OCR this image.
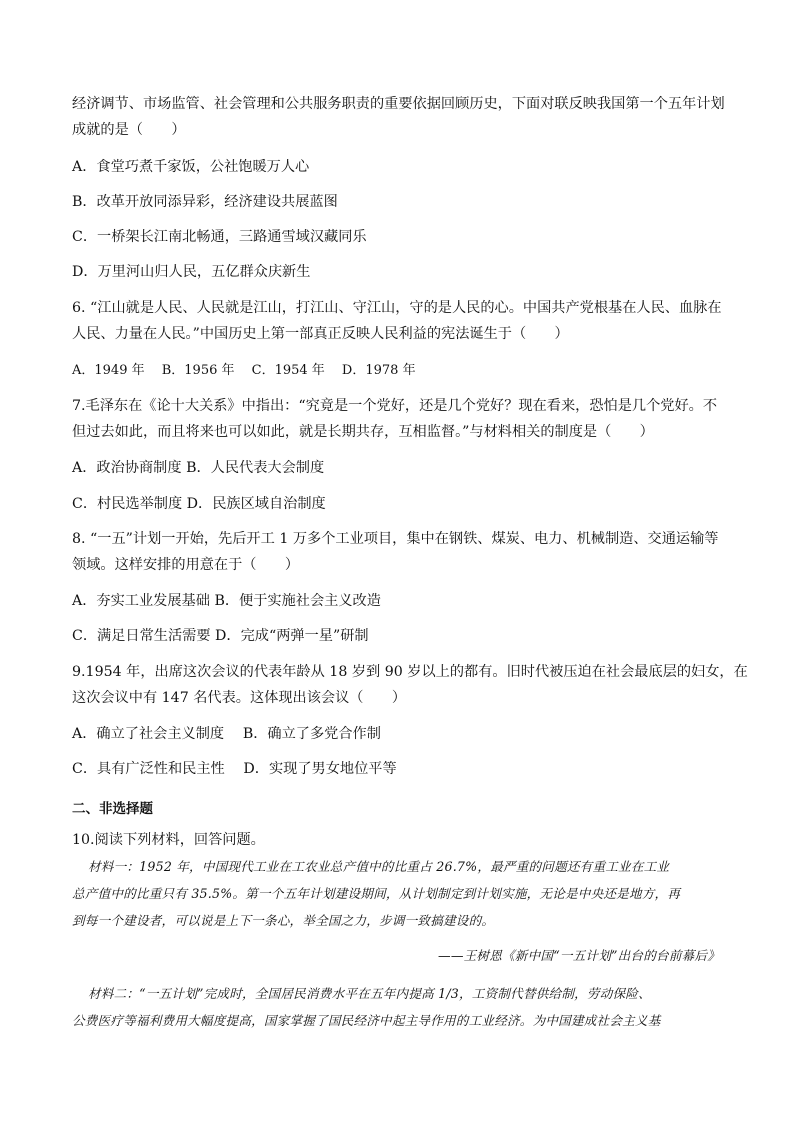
经济调节、市场监管、社会管理和公共服务职责的重要依据回顾历史，下面对联反映我国第一个五年计划
成就的是（　　）
A．食堂巧煮千家饭，公社饱暖万人心
B．改革开放同添异彩，经济建设共展蓝图
C．一桥架长江南北畅通，三路通雪域汉藏同乐
D．万里河山归人民，五亿群众庆新生
6. “江山就是人民、人民就是江山，打江山、守江山，守的是人民的心。中国共产党根基在人民、血脉在
人民、力量在人民。”中国历史上第一部真正反映人民利益的宪法诞生于（　　）
A．1949 年　 B．1956 年　 C．1954 年　 D．1978 年
7.毛泽东在《论十大关系》中指出：“究竟是一个党好，还是几个党好？现在看来，恐怕是几个党好。不
但过去如此，而且将来也可以如此，就是长期共存，互相监督。”与材料相关的制度是（　　）
A．政治协商制度 B．人民代表大会制度
C．村民选举制度 D．民族区域自治制度
8. “一五”计划一开始，先后开工 1 万多个工业项目，集中在钢铁、煤炭、电力、机械制造、交通运输等
领域。这样安排的用意在于（　　）
A．夯实工业发展基础 B．便于实施社会主义改造
C．满足日常生活需要 D．完成“两弹一星”研制
9.1954 年，出席这次会议的代表年龄从 18 岁到 90 岁以上的都有。旧时代被压迫在社会最底层的妇女，在
这次会议中有 147 名代表。这体现出该会议（　　）
A．确立了社会主义制度　 B．确立了多党合作制
C．具有广泛性和民主性　 D．实现了男女地位平等
二、非选择题
10.阅读下列材料，回答问题。
材料一：1952 年，中国现代工业在工农业总产值中的比重占 26.7%，最严重的问题还有重工业在工业
总产值中的比重只有 35.5%。第一个五年计划建设期间，从计划制定到计划实施，无论是中央还是地方，再
到每一个建设者，可以说是上下一条心，举全国之力，步调一致搞建设的。
——王树恩《新中国“一五计划”出台的台前幕后》
材料二：“一五计划”完成时，全国居民消费水平在五年内提高 1/3，工资制代替供给制，劳动保险、
公费医疗等福利费用大幅度提高，国家掌握了国民经济中起主导作用的工业经济。为中国建成社会主义基
